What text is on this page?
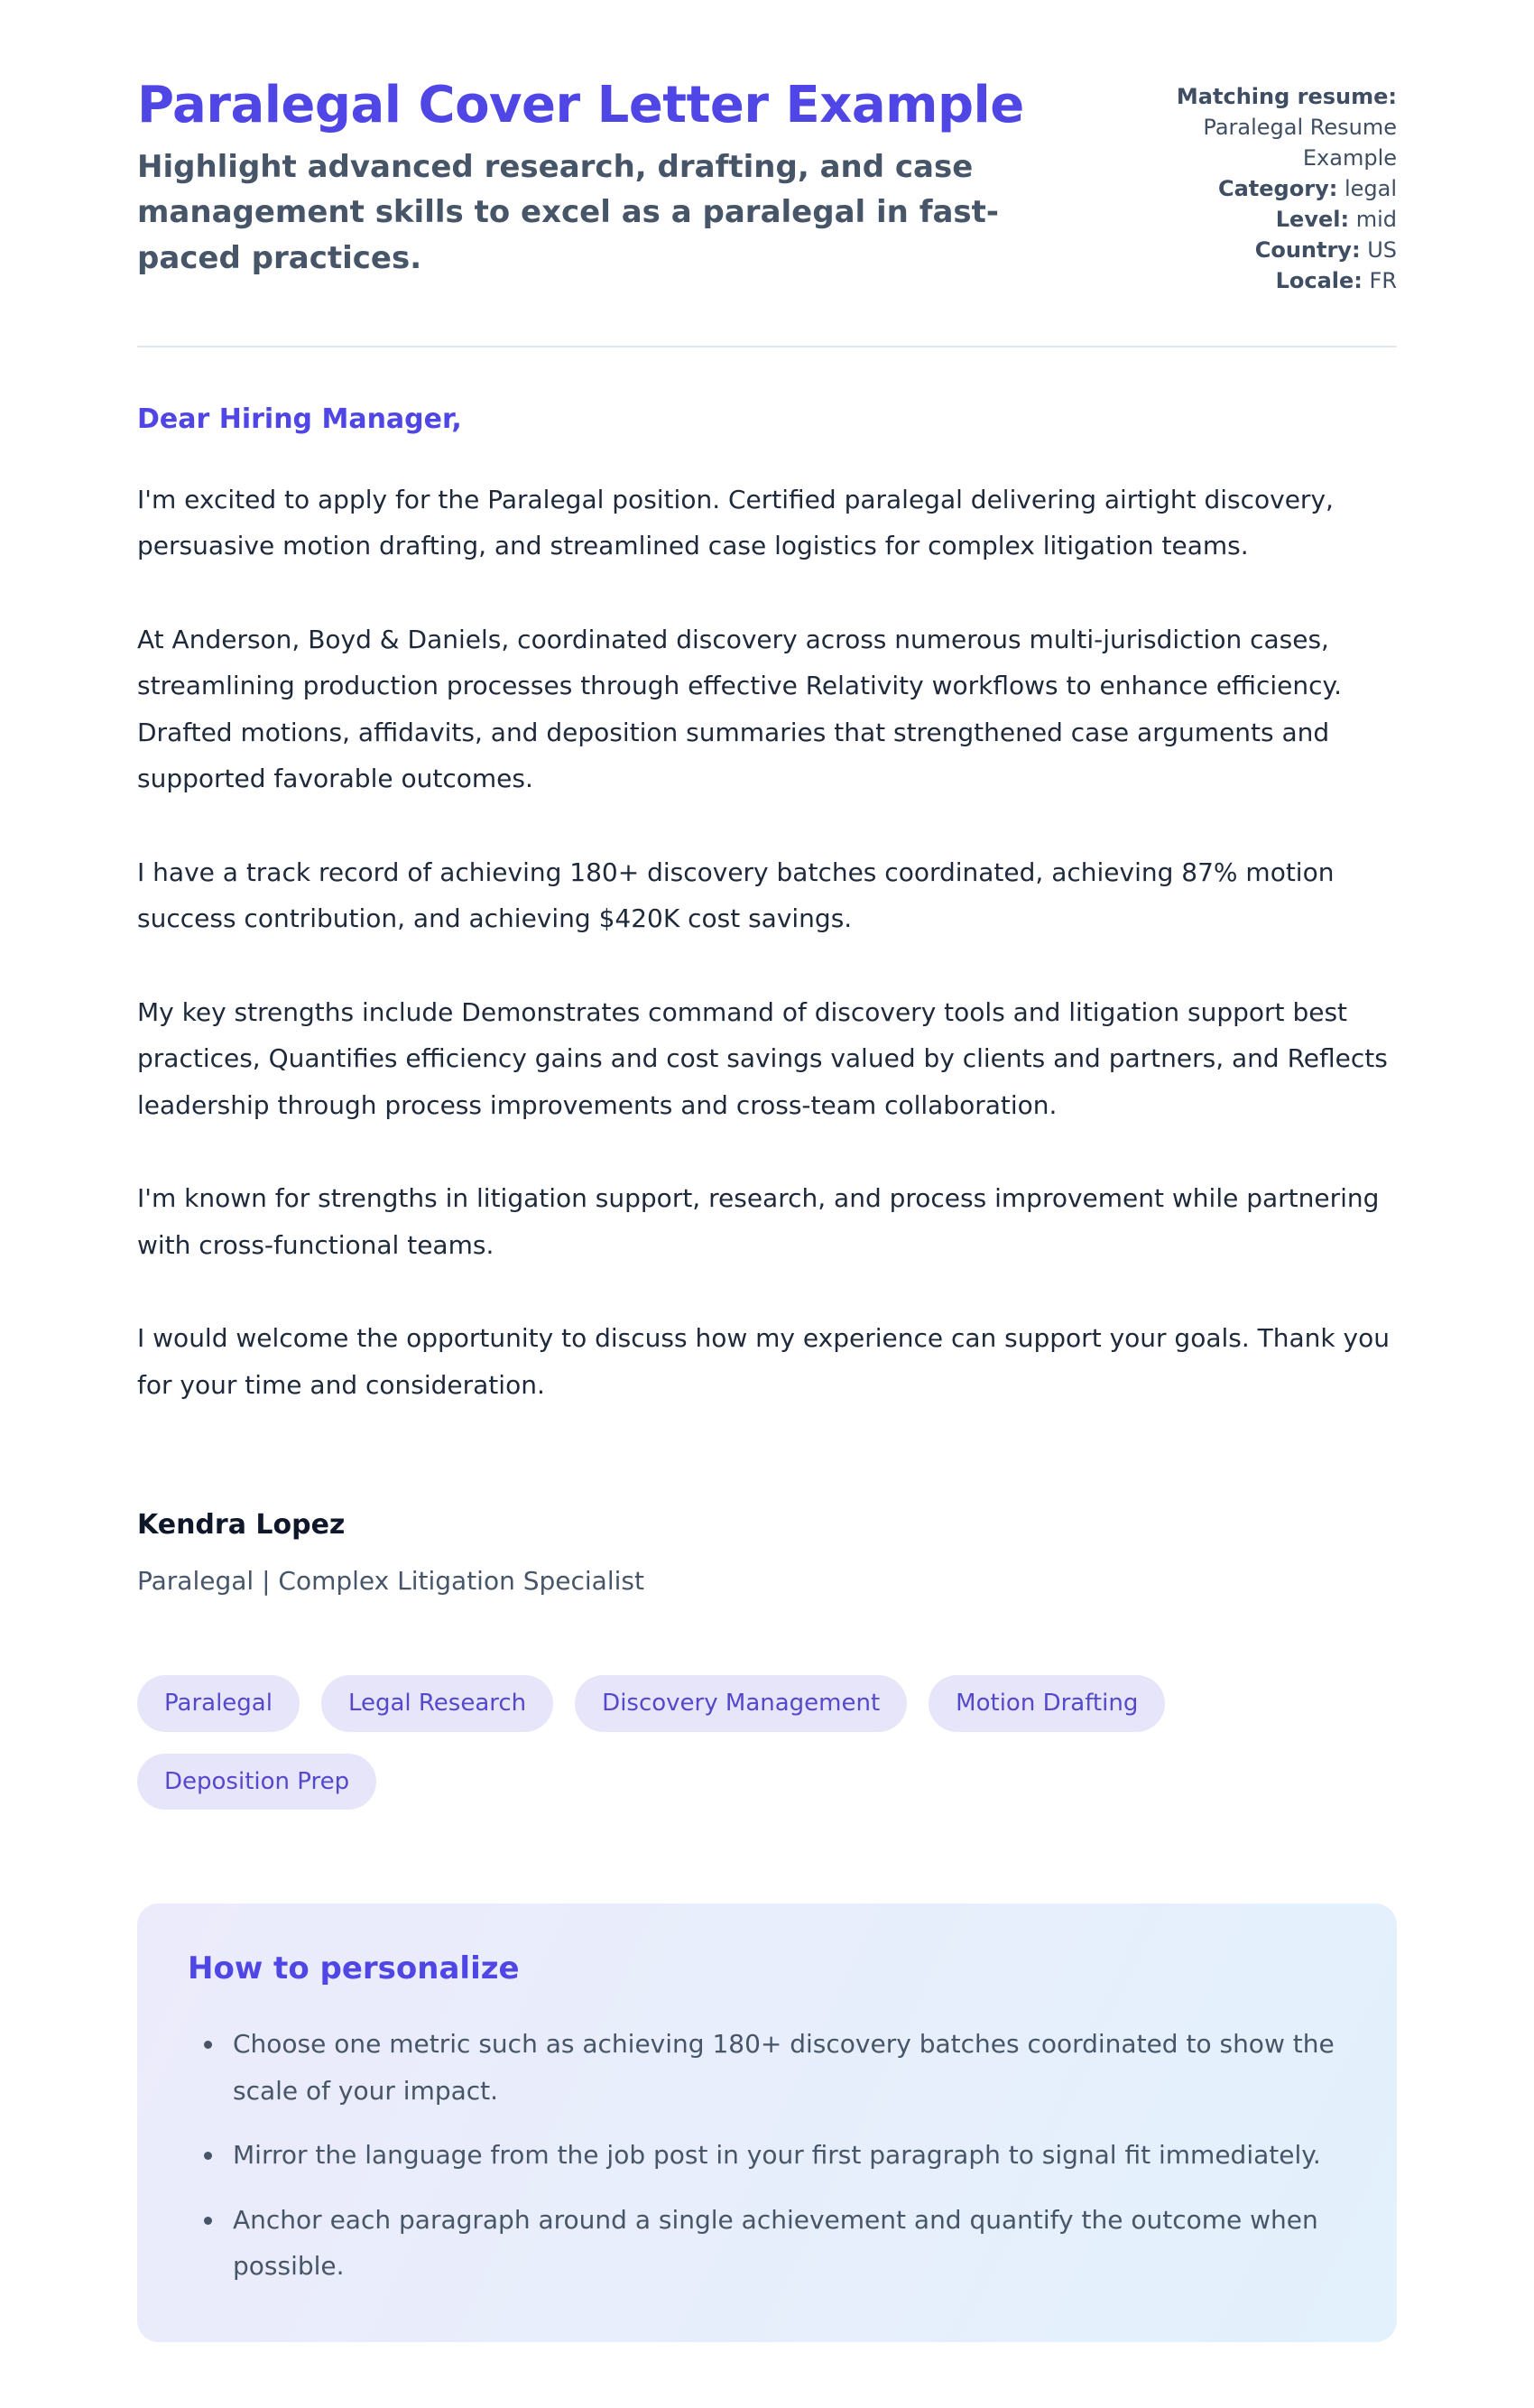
Paralegal Cover Letter Example

Highlight advanced research, drafting, and case management skills to excel as a paralegal in fast-paced practices.

Matching resume: Paralegal Resume Example
Category: legal
Level: mid
Country: US
Locale: FR

Dear Hiring Manager,

I'm excited to apply for the Paralegal position. Certified paralegal delivering airtight discovery, persuasive motion drafting, and streamlined case logistics for complex litigation teams.

At Anderson, Boyd & Daniels, coordinated discovery across numerous multi-jurisdiction cases, streamlining production processes through effective Relativity workflows to enhance efficiency. Drafted motions, affidavits, and deposition summaries that strengthened case arguments and supported favorable outcomes.

I have a track record of achieving 180+ discovery batches coordinated, achieving 87% motion success contribution, and achieving $420K cost savings.

My key strengths include Demonstrates command of discovery tools and litigation support best practices, Quantifies efficiency gains and cost savings valued by clients and partners, and Reflects leadership through process improvements and cross-team collaboration.

I'm known for strengths in litigation support, research, and process improvement while partnering with cross-functional teams.

I would welcome the opportunity to discuss how my experience can support your goals. Thank you for your time and consideration.

Kendra Lopez

Paralegal | Complex Litigation Specialist

Paralegal	Legal Research	Discovery Management	Motion Drafting
Deposition Prep
How to personalize
• Choose one metric such as achieving 180+ discovery batches coordinated to show the scale of your impact.
• Mirror the language from the job post in your first paragraph to signal fit immediately.
• Anchor each paragraph around a single achievement and quantify the outcome when possible.
